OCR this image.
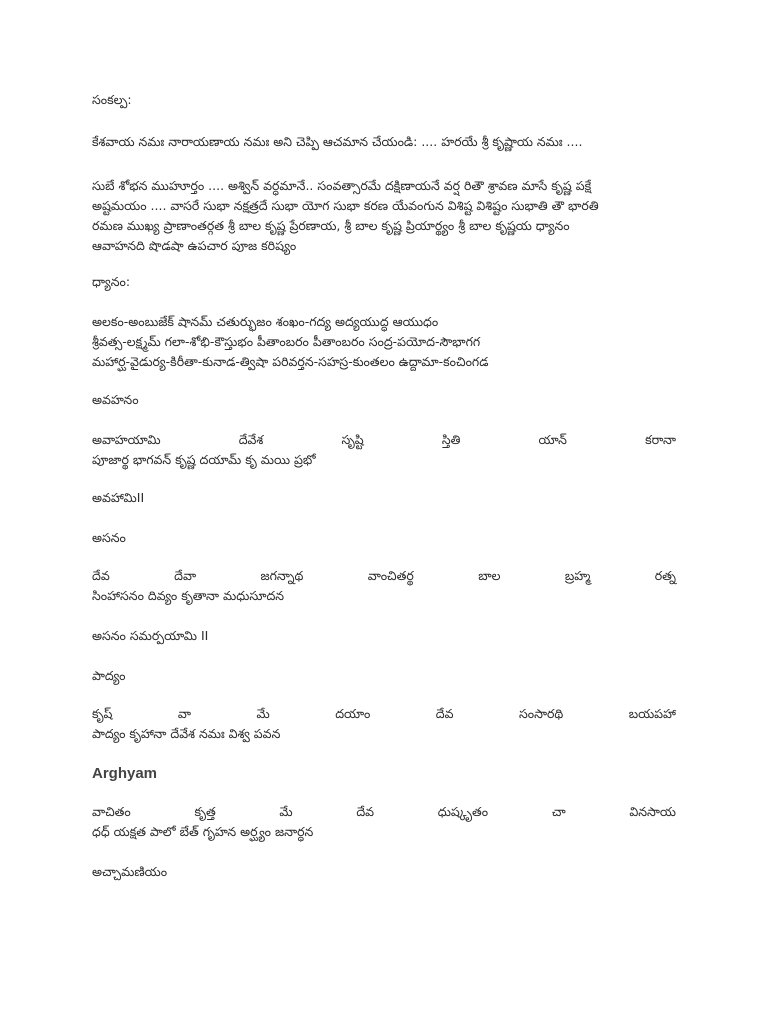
సంకల్ప:
కేశవాయ నమః నారాయణాయ నమః అని చెప్పి ఆచమాన చేయండి: .... హరయే శ్రీ కృష్ణాయ నమః ....
సుబే శోభన ముహూర్తం .... అశ్విన్ వర్ధమానే.. సంవత్సారమే దక్షిణాయనే వర్ష రితౌ శ్రావణ మాసే కృష్ణ పక్షే
అష్టమయం .... వాసరే సుభా నక్షత్రదే సుభా యోగ సుభా కరణ యేవంగున విశిష్ట విశిష్టం సుభాతి తౌ భారతి
రమణ ముఖ్య ప్రాణాంతర్గత శ్రీ బాల కృష్ణ ప్రేరణాయ, శ్రీ బాల కృష్ణ ప్రియార్థ్యం శ్రీ బాల కృష్ణయ ధ్యానం
ఆవాహనది షొడషా ఉపచార పూజ కరిష్యం
ధ్యానం:
అలకం-అంబుజేక్ షానమ్ చతుర్భుజం శంఖం-గద్య అద్యయుద్ధ ఆయుధం
శ్రీవత్స-లక్ష్మమ్ గలా-శోభి-కౌస్తుభం పీతాంబరం పీతాంబరం సంద్ర-పయోద-సౌభాగగ
మహార్ఘ-వైడుర్య-కిరీతా-కునాడ-త్విషా పరివర్తన-సహస్ర-కుంతలం ఉద్దామా-కంచింగడ
అవహనం
అవాహయామి	దేవేశ	సృష్టి	స్తితి	యాన్	కరానా
పూజార్థ భాగవన్ కృష్ణ దయామ్ కృ మయి ప్రభో
అవహామిII
అసనం
దేవ	దేవా	జగన్నాథ	వాంచితర్థ	బాల	బ్రహ్మ	రత్న
సింహాసనం దివ్యం కృతానా మధుసూదన
అసనం సమర్పయామి II
పాద్యం
కృష్	వా	మే	దయాం	దేవ	సంసారథి	బయపహా
పాద్యం కృహానా దేవేశ నమః విశ్వ పవన
Arghyam
వాచితం	కృత్త	మే	దేవ	ధుష్కృతం	చా	వినసాయ
ధధ్ యక్షత పాలో బేత్ గృహన అర్ఘ్యం జనార్ధన
అచ్చామణియం
